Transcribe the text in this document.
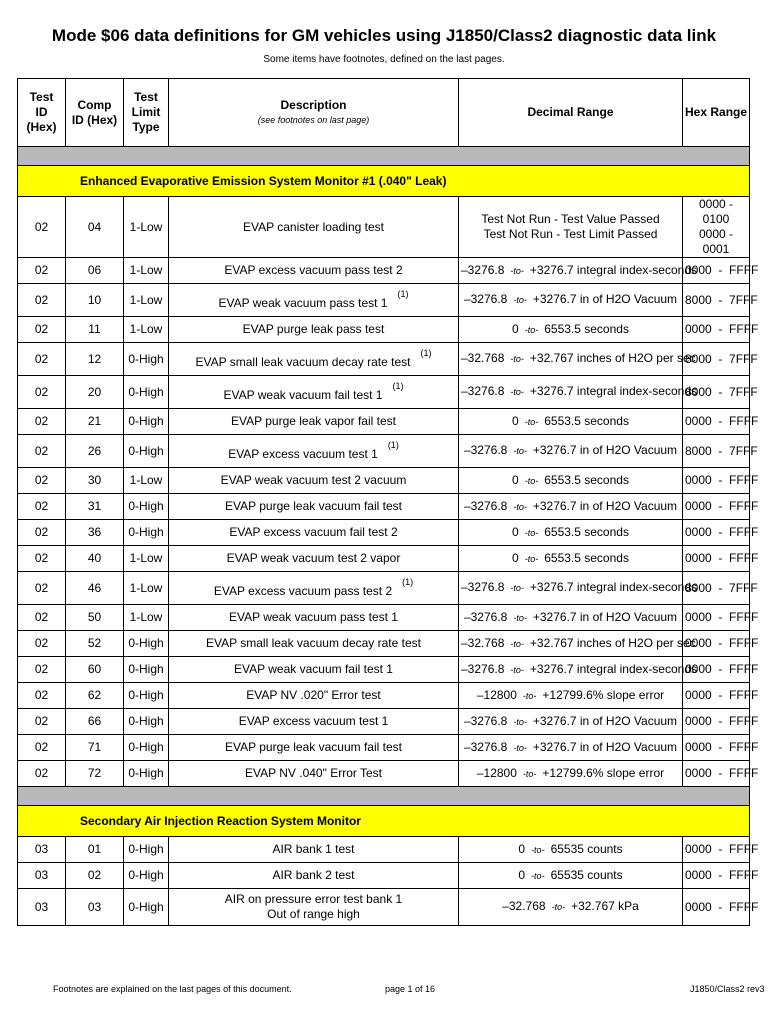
Mode $06 data definitions for GM vehicles using J1850/Class2 diagnostic data link
Some items have footnotes, defined on the last pages.
Test ID (Hex)	Comp ID (Hex)	Test Limit Type	Description
(see footnotes on last page)	Decimal Range	Hex Range

Enhanced Evaporative Emission System Monitor #1 (.040" Leak)					
02	04	1-Low	EVAP canister loading test	Test Not Run - Test Value Passed
Test Not Run - Test Limit Passed	0000 - 0100
0000 - 0001

02	06	1-Low	EVAP excess vacuum pass test 2	–3276.8 -to- +3276.7 integral index-seconds	0000  -  FFFF
02	10	1-Low	EVAP weak vacuum pass test 1$^{(1)}$	–3276.8 -to- +3276.7 in of H2O Vacuum	8000  -  7FFF
02	11	1-Low	EVAP purge leak pass test	0 -to- 6553.5 seconds	0000  -  FFFF
02	12	0-High	EVAP small leak vacuum decay rate test$^{(1)}$	–32.768 -to- +32.767 inches of H2O per sec	8000  -  7FFF
02	20	0-High	EVAP weak vacuum fail test 1$^{(1)}$	–3276.8 -to- +3276.7 integral index-seconds	8000  -  7FFF
02	21	0-High	EVAP purge leak vapor fail test	0 -to- 6553.5 seconds	0000  -  FFFF
02	26	0-High	EVAP excess vacuum test 1$^{(1)}$	–3276.8 -to- +3276.7 in of H2O Vacuum	8000  -  7FFF
02	30	1-Low	EVAP weak vacuum test 2 vacuum	0 -to- 6553.5 seconds	0000  -  FFFF
02	31	0-High	EVAP purge leak vacuum fail test	–3276.8 -to- +3276.7 in of H2O Vacuum	0000  -  FFFF
02	36	0-High	EVAP excess vacuum fail test 2	0 -to- 6553.5 seconds	0000  -  FFFF
02	40	1-Low	EVAP weak vacuum test 2 vapor	0 -to- 6553.5 seconds	0000  -  FFFF
02	46	1-Low	EVAP excess vacuum pass test 2$^{(1)}$	–3276.8 -to- +3276.7 integral index-seconds	8000  -  7FFF
02	50	1-Low	EVAP weak vacuum pass test 1	–3276.8 -to- +3276.7 in of H2O Vacuum	0000  -  FFFF
02	52	0-High	EVAP small leak vacuum decay rate test	–32.768 -to- +32.767 inches of H2O per sec	0000  -  FFFF
02	60	0-High	EVAP weak vacuum fail test 1	–3276.8 -to- +3276.7 integral index-seconds	0000  -  FFFF
02	62	0-High	EVAP NV .020" Error test	–12800 -to- +12799.6% slope error	0000  -  FFFF
02	66	0-High	EVAP excess vacuum test 1	–3276.8 -to- +3276.7 in of H2O Vacuum	0000  -  FFFF
02	71	0-High	EVAP purge leak vacuum fail test	–3276.8 -to- +3276.7 in of H2O Vacuum	0000  -  FFFF
02	72	0-High	EVAP NV .040" Error Test	–12800 -to- +12799.6% slope error	0000  -  FFFF

Secondary Air Injection Reaction System Monitor					
03	01	0-High	AIR bank 1 test	0 -to- 65535 counts	0000  -  FFFF
03	02	0-High	AIR bank 2 test	0 -to- 65535 counts	0000  -  FFFF
03	03	0-High	AIR on pressure error test bank 1
Out of range high	–32.768 -to- +32.767 kPa	0000  -  FFFF
Footnotes are explained on the last pages of this document.	page 1 of 16	J1850/Class2 rev3
